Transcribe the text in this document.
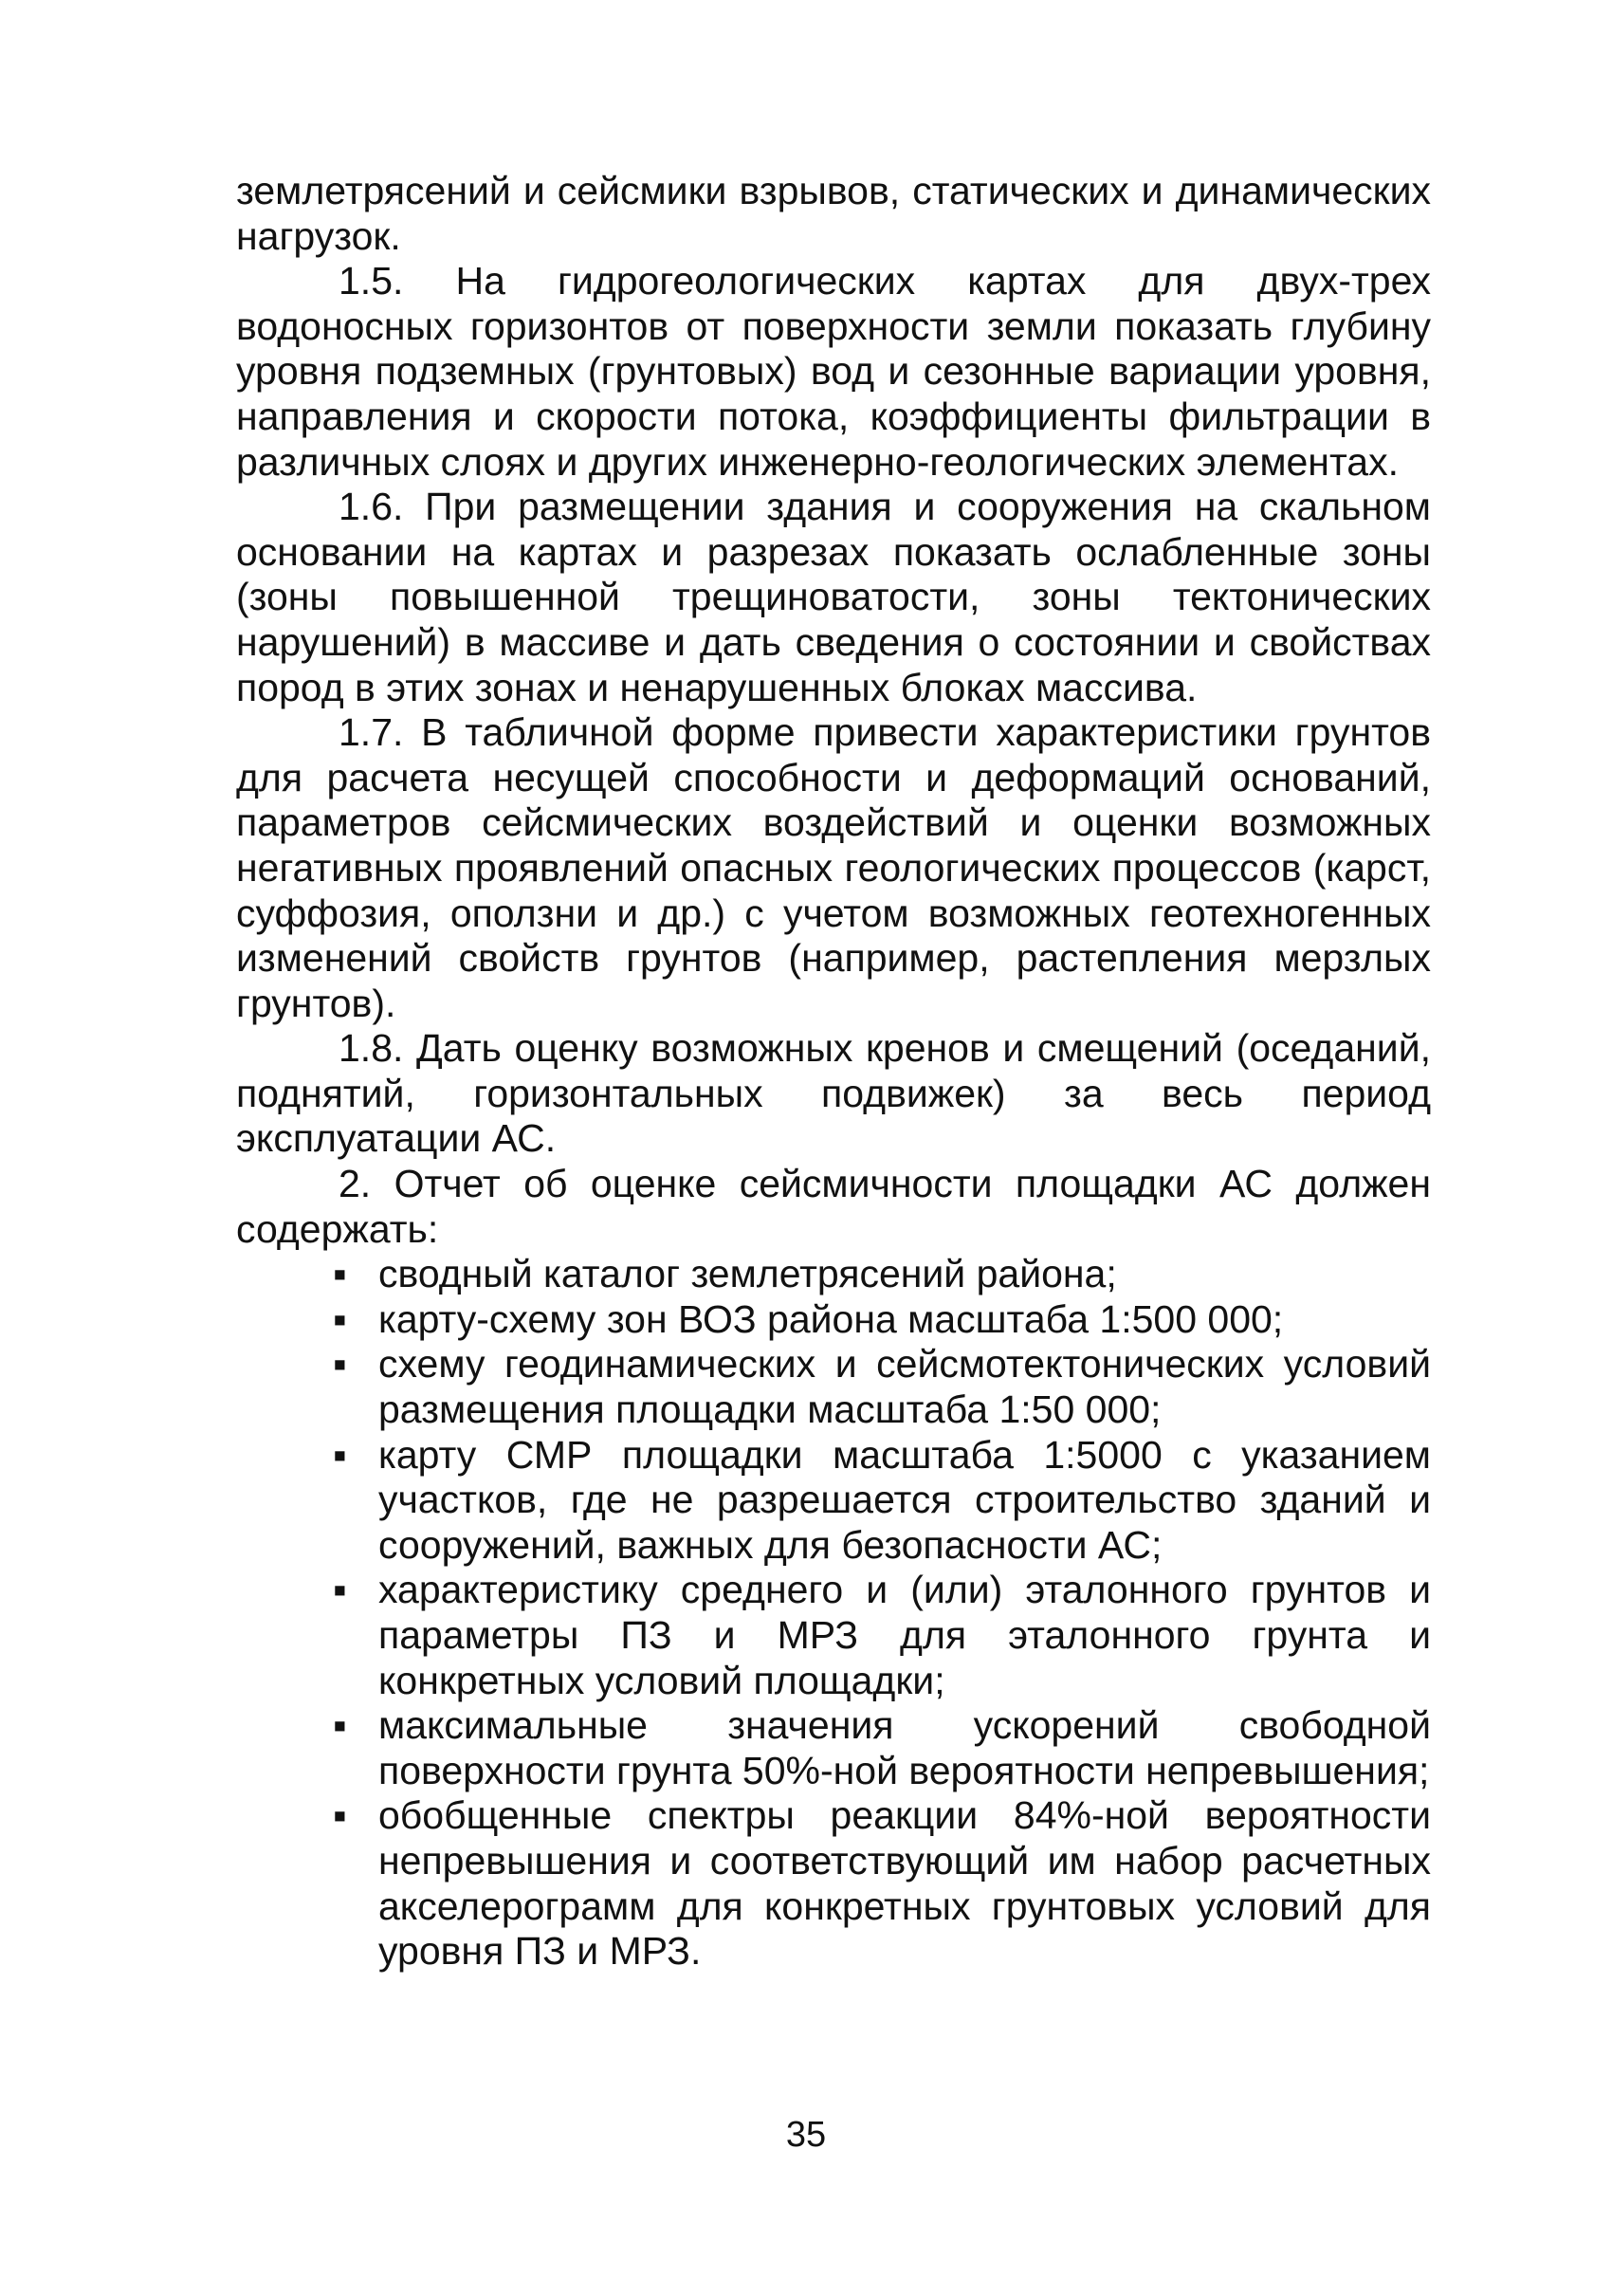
землетрясений и сейсмики взрывов, статических и динамических нагрузок.

1.5. На гидрогеологических картах для двух-трех водоносных горизонтов от поверхности земли показать глубину уровня подземных (грунтовых) вод и сезонные вариации уровня, направления и скорости потока, коэффициенты фильтрации в различных слоях и других инженерно-геологических элементах.

1.6. При размещении здания и сооружения на скальном основании на картах и разрезах показать ослабленные зоны (зоны повышенной трещиноватости, зоны тектонических нарушений) в массиве и дать сведения о состоянии и свойствах пород в этих зонах и ненарушенных блоках массива.

1.7. В табличной форме привести характеристики грунтов для расчета несущей способности и деформаций оснований, параметров сейсмических воздействий и оценки возможных негативных проявлений опасных геологических процессов (карст, суффозия, оползни и др.) с учетом возможных геотехногенных изменений свойств грунтов (например, растепления мерзлых грунтов).

1.8. Дать оценку возможных кренов и смещений (оседаний, поднятий, горизонтальных подвижек) за весь период эксплуатации АС.

2. Отчет об оценке сейсмичности площадки АС должен содержать:

▪ сводный каталог землетрясений района;
▪ карту-схему зон ВОЗ района масштаба 1:500 000;
▪ схему геодинамических и сейсмотектонических условий размещения площадки масштаба 1:50 000;
▪ карту СМР площадки масштаба 1:5000 с указанием участков, где не разрешается строительство зданий и сооружений, важных для безопасности АС;
▪ характеристику среднего и (или) эталонного грунтов и параметры ПЗ и МРЗ для эталонного грунта и конкретных условий площадки;
▪ максимальные значения ускорений свободной поверхности грунта 50%-ной вероятности непревышения;
▪ обобщенные спектры реакции 84%-ной вероятности непревышения и соответствующий им набор расчетных акселерограмм для конкретных грунтовых условий для уровня ПЗ и МРЗ.
35
